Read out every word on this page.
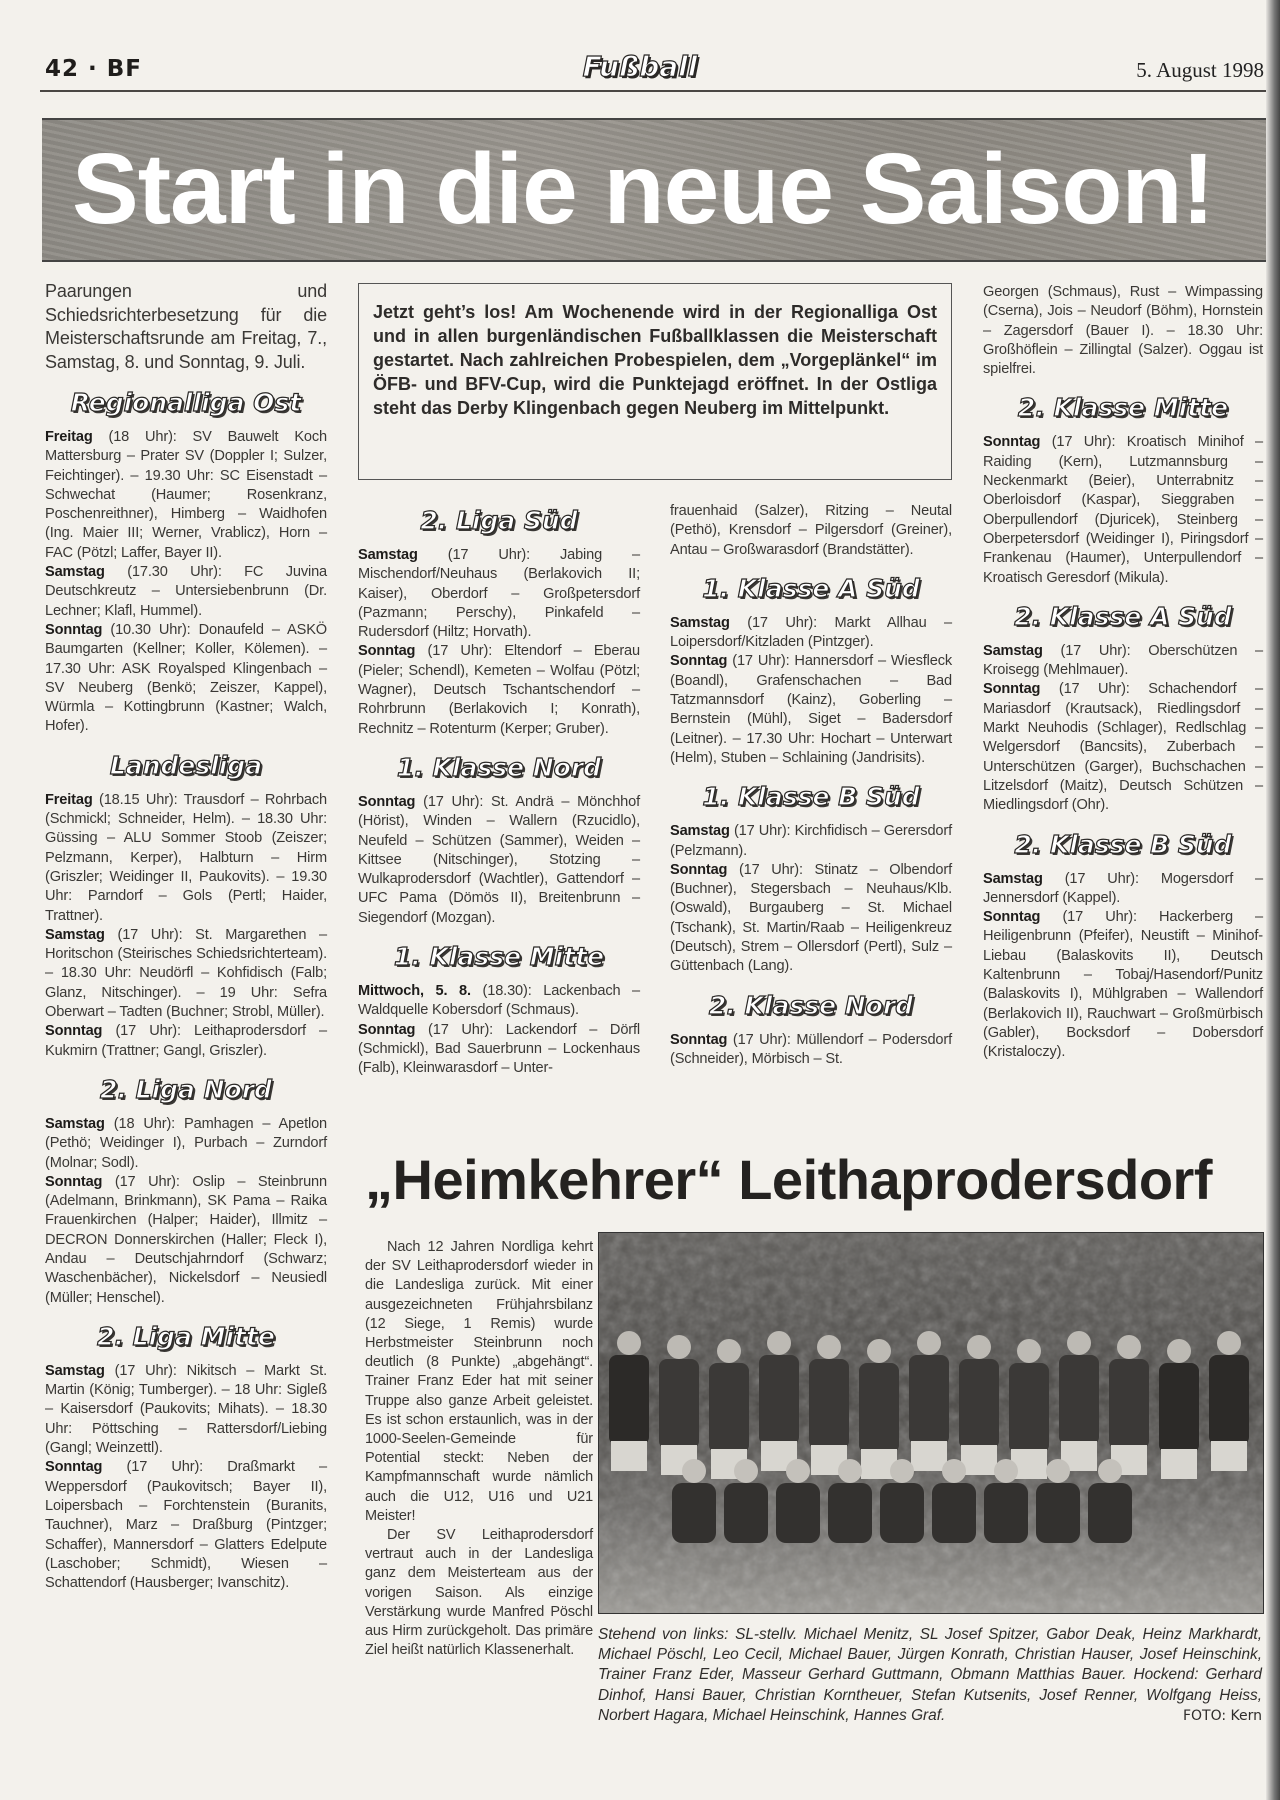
42 · BF	Fußball	5. August 1998
Start in die neue Saison!
Jetzt geht’s los! Am Wochenende wird in der Regionalliga Ost und in allen burgenländischen Fußballklassen die Meisterschaft gestartet. Nach zahlreichen Probespielen, dem „Vorgeplänkel“ im ÖFB- und BFV-Cup, wird die Punktejagd eröffnet. In der Ostliga steht das Derby Klingenbach gegen Neuberg im Mittelpunkt.

Paarungen und Schiedsrichterbesetzung für die Meisterschaftsrunde am Freitag, 7., Samstag, 8. und Sonntag, 9. Juli.

Regionalliga Ost

Freitag (18 Uhr): SV Bauwelt Koch Mattersburg – Prater SV (Doppler I; Sulzer, Feichtinger). – 19.30 Uhr: SC Eisenstadt – Schwechat (Haumer; Rosenkranz, Poschenreithner), Himberg – Waidhofen (Ing. Maier III; Werner, Vrablicz), Horn – FAC (Pötzl; Laffer, Bayer II).

Samstag (17.30 Uhr): FC Juvina Deutschkreutz – Untersiebenbrunn (Dr. Lechner; Klafl, Hummel).

Sonntag (10.30 Uhr): Donaufeld – ASKÖ Baumgarten (Kellner; Koller, Kölemen). – 17.30 Uhr: ASK Royalsped Klingenbach – SV Neuberg (Benkö; Zeiszer, Kappel), Würmla – Kottingbrunn (Kastner; Walch, Hofer).

Landesliga

Freitag (18.15 Uhr): Trausdorf – Rohrbach (Schmickl; Schneider, Helm). – 18.30 Uhr: Güssing – ALU Sommer Stoob (Zeiszer; Pelzmann, Kerper), Halbturn – Hirm (Griszler; Weidinger II, Paukovits). – 19.30 Uhr: Parndorf – Gols (Pertl; Haider, Trattner).

Samstag (17 Uhr): St. Margarethen – Horitschon (Steirisches Schiedsrichterteam). – 18.30 Uhr: Neudörfl – Kohfidisch (Falb; Glanz, Nitschinger). – 19 Uhr: Sefra Oberwart – Tadten (Buchner; Strobl, Müller).

Sonntag (17 Uhr): Leithaprodersdorf – Kukmirn (Trattner; Gangl, Griszler).

2. Liga Nord

Samstag (18 Uhr): Pamhagen – Apetlon (Pethö; Weidinger I), Purbach – Zurndorf (Molnar; Sodl).

Sonntag (17 Uhr): Oslip – Steinbrunn (Adelmann, Brinkmann), SK Pama – Raika Frauenkirchen (Halper; Haider), Illmitz – DECRON Donnerskirchen (Haller; Fleck I), Andau – Deutschjahrndorf (Schwarz; Waschenbächer), Nickelsdorf – Neusiedl (Müller; Henschel).

2. Liga Mitte

Samstag (17 Uhr): Nikitsch – Markt St. Martin (König; Tumberger). – 18 Uhr: Sigleß – Kaisersdorf (Paukovits; Mihats). – 18.30 Uhr: Pöttsching – Rattersdorf/Liebing (Gangl; Weinzettl).

Sonntag (17 Uhr): Draßmarkt – Weppersdorf (Paukovitsch; Bayer II), Loipersbach – Forchtenstein (Buranits, Tauchner), Marz – Draßburg (Pintzger; Schaffer), Mannersdorf – Glatters Edelpute (Laschober; Schmidt), Wiesen – Schattendorf (Hausberger; Ivanschitz).

2. Liga Süd

Samstag (17 Uhr): Jabing – Mischendorf/Neuhaus (Berlakovich II; Kaiser), Oberdorf – Großpetersdorf (Pazmann; Perschy), Pinkafeld – Rudersdorf (Hiltz; Horvath).

Sonntag (17 Uhr): Eltendorf – Eberau (Pieler; Schendl), Kemeten – Wolfau (Pötzl; Wagner), Deutsch Tschantschendorf – Rohrbrunn (Berlakovich I; Konrath), Rechnitz – Rotenturm (Kerper; Gruber).

1. Klasse Nord

Sonntag (17 Uhr): St. Andrä – Mönchhof (Hörist), Winden – Wallern (Rzucidlo), Neufeld – Schützen (Sammer), Weiden – Kittsee (Nitschinger), Stotzing – Wulkaprodersdorf (Wachtler), Gattendorf – UFC Pama (Dömös II), Breitenbrunn – Siegendorf (Mozgan).

1. Klasse Mitte

Mittwoch, 5. 8. (18.30): Lackenbach – Waldquelle Kobersdorf (Schmaus).

Sonntag (17 Uhr): Lackendorf – Dörfl (Schmickl), Bad Sauerbrunn – Lockenhaus (Falb), Kleinwarasdorf – Unter-

frauenhaid (Salzer), Ritzing – Neutal (Pethö), Krensdorf – Pilgersdorf (Greiner), Antau – Großwarasdorf (Brandstätter).

1. Klasse A Süd

Samstag (17 Uhr): Markt Allhau – Loipersdorf/Kitzladen (Pintzger).

Sonntag (17 Uhr): Hannersdorf – Wiesfleck (Boandl), Grafenschachen – Bad Tatzmannsdorf (Kainz), Goberling – Bernstein (Mühl), Siget – Badersdorf (Leitner). – 17.30 Uhr: Hochart – Unterwart (Helm), Stuben – Schlaining (Jandrisits).

1. Klasse B Süd

Samstag (17 Uhr): Kirchfidisch – Gerersdorf (Pelzmann).

Sonntag (17 Uhr): Stinatz – Olbendorf (Buchner), Stegersbach – Neuhaus/Klb. (Oswald), Burgauberg – St. Michael (Tschank), St. Martin/Raab – Heiligenkreuz (Deutsch), Strem – Ollersdorf (Pertl), Sulz – Güttenbach (Lang).

2. Klasse Nord

Sonntag (17 Uhr): Müllendorf – Podersdorf (Schneider), Mörbisch – St.

Georgen (Schmaus), Rust – Wimpassing (Cserna), Jois – Neudorf (Böhm), Hornstein – Zagersdorf (Bauer I). – 18.30 Uhr: Großhöflein – Zillingtal (Salzer). Oggau ist spielfrei.

2. Klasse Mitte

Sonntag (17 Uhr): Kroatisch Minihof – Raiding (Kern), Lutzmannsburg – Neckenmarkt (Beier), Unterrabnitz – Oberloisdorf (Kaspar), Sieggraben – Oberpullendorf (Djuricek), Steinberg – Oberpetersdorf (Weidinger I), Piringsdorf – Frankenau (Haumer), Unterpullendorf – Kroatisch Geresdorf (Mikula).

2. Klasse A Süd

Samstag (17 Uhr): Oberschützen – Kroisegg (Mehlmauer).

Sonntag (17 Uhr): Schachendorf – Mariasdorf (Krautsack), Riedlingsdorf – Markt Neuhodis (Schlager), Redlschlag – Welgersdorf (Bancsits), Zuberbach – Unterschützen (Garger), Buchschachen – Litzelsdorf (Maitz), Deutsch Schützen – Miedlingsdorf (Ohr).

2. Klasse B Süd

Samstag (17 Uhr): Mogersdorf – Jennersdorf (Kappel).

Sonntag (17 Uhr): Hackerberg – Heiligenbrunn (Pfeifer), Neustift – Minihof-Liebau (Balaskovits II), Deutsch Kaltenbrunn – Tobaj/Hasendorf/Punitz (Balaskovits I), Mühlgraben – Wallendorf (Berlakovich II), Rauchwart – Großmürbisch (Gabler), Bocksdorf – Dobersdorf (Kristaloczy).

„Heimkehrer“ Leithaprodersdorf

Nach 12 Jahren Nordliga kehrt der SV Leithaprodersdorf wieder in die Landesliga zurück. Mit einer ausgezeichneten Frühjahrsbilanz (12 Siege, 1 Remis) wurde Herbstmeister Steinbrunn noch deutlich (8 Punkte) „abgehängt“. Trainer Franz Eder hat mit seiner Truppe also ganze Arbeit geleistet. Es ist schon erstaunlich, was in der 1000-Seelen-Gemeinde für Potential steckt: Neben der Kampfmannschaft wurde nämlich auch die U12, U16 und U21 Meister!

Der SV Leithaprodersdorf vertraut auch in der Landesliga ganz dem Meisterteam aus der vorigen Saison. Als einzige Verstärkung wurde Manfred Pöschl aus Hirm zurückgeholt. Das primäre Ziel heißt natürlich Klassenerhalt.

Stehend von links: SL-stellv. Michael Menitz, SL Josef Spitzer, Gabor Deak, Heinz Markhardt, Michael Pöschl, Leo Cecil, Michael Bauer, Jürgen Konrath, Christian Hauser, Josef Heinschink, Trainer Franz Eder, Masseur Gerhard Guttmann, Obmann Matthias Bauer. Hockend: Gerhard Dinhof, Hansi Bauer, Christian Korntheuer, Stefan Kutsenits, Josef Renner, Wolfgang Heiss, Norbert Hagara, Michael Heinschink, Hannes Graf.	FOTO: Kern
